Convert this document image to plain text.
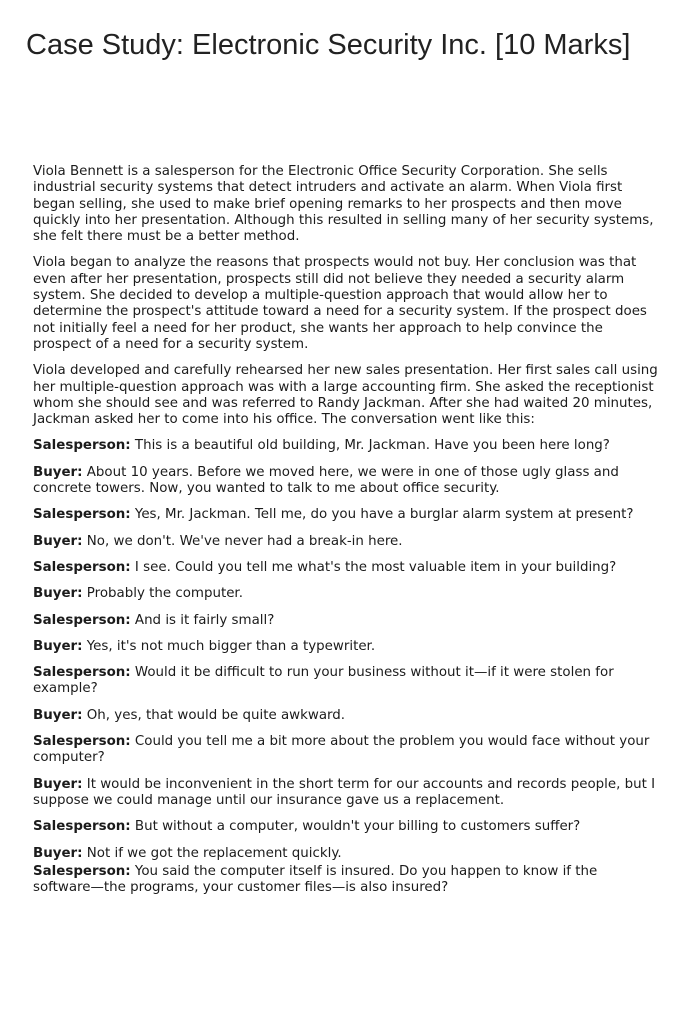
Case Study: Electronic Security Inc. [10 Marks]

Viola Bennett is a salesperson for the Electronic Office Security Corporation. She sells industrial security systems that detect intruders and activate an alarm. When Viola first began selling, she used to make brief opening remarks to her prospects and then move quickly into her presentation. Although this resulted in selling many of her security systems, she felt there must be a better method.

Viola began to analyze the reasons that prospects would not buy. Her conclusion was that even after her presentation, prospects still did not believe they needed a security alarm system. She decided to develop a multiple-question approach that would allow her to determine the prospect's attitude toward a need for a security system. If the prospect does not initially feel a need for her product, she wants her approach to help convince the prospect of a need for a security system.

Viola developed and carefully rehearsed her new sales presentation. Her first sales call using her multiple-question approach was with a large accounting firm. She asked the receptionist whom she should see and was referred to Randy Jackman. After she had waited 20 minutes, Jackman asked her to come into his office. The conversation went like this:

Salesperson: This is a beautiful old building, Mr. Jackman. Have you been here long?

Buyer: About 10 years. Before we moved here, we were in one of those ugly glass and concrete towers. Now, you wanted to talk to me about office security.

Salesperson: Yes, Mr. Jackman. Tell me, do you have a burglar alarm system at present?

Buyer: No, we don't. We've never had a break-in here.

Salesperson: I see. Could you tell me what's the most valuable item in your building?

Buyer: Probably the computer.

Salesperson: And is it fairly small?

Buyer: Yes, it's not much bigger than a typewriter.

Salesperson: Would it be difficult to run your business without it—if it were stolen for example?

Buyer: Oh, yes, that would be quite awkward.

Salesperson: Could you tell me a bit more about the problem you would face without your computer?

Buyer: It would be inconvenient in the short term for our accounts and records people, but I suppose we could manage until our insurance gave us a replacement.

Salesperson: But without a computer, wouldn't your billing to customers suffer?

Buyer: Not if we got the replacement quickly.

Salesperson: You said the computer itself is insured. Do you happen to know if the software—the programs, your customer files—is also insured?
